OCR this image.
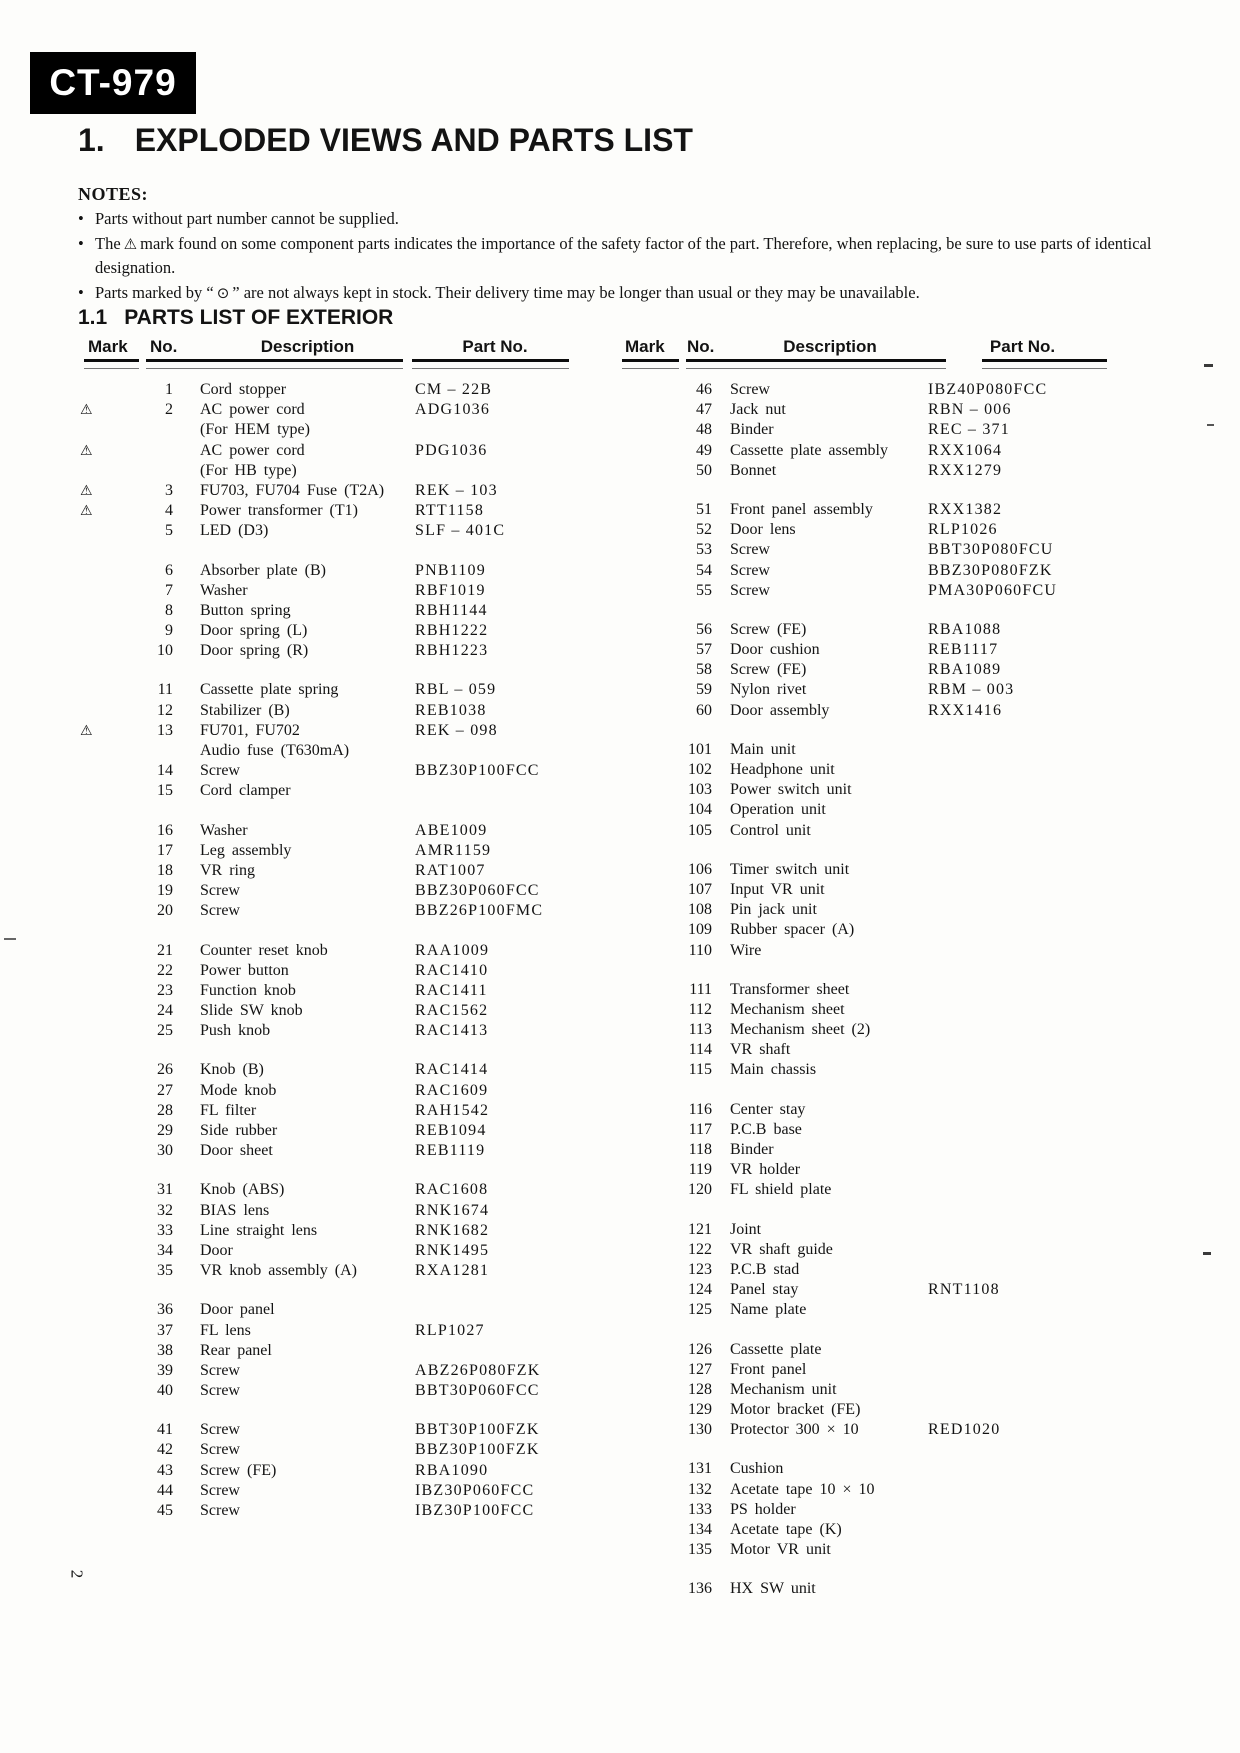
CT-979
1. EXPLODED VIEWS AND PARTS LIST
NOTES:
• Parts without part number cannot be supplied.
• The ⚠ mark found on some component parts indicates the importance of the safety factor of the part. Therefore, when replacing, be sure to use parts of identical designation.
• Parts marked by “ ⊙ ” are not always kept in stock. Their delivery time may be longer than usual or they may be unavailable.
1.1 PARTS LIST OF EXTERIOR
Mark No.	Description	Part No.	Mark No.	Description	Part No.
1 Cord stopper	CM – 22B
⚠	2 AC power cord	ADG1036
(For HEM type)
⚠	AC power cord	PDG1036
(For HB type)
⚠	3 FU703, FU704 Fuse (T2A)	REK – 103
⚠	4 Power transformer (T1)	RTT1158
5 LED (D3)	SLF – 401C
6 Absorber plate (B)	PNB1109
7 Washer	RBF1019
8 Button spring	RBH1144
9 Door spring (L)	RBH1222
10 Door spring (R)	RBH1223
11 Cassette plate spring	RBL – 059
12 Stabilizer (B)	REB1038
⚠	13 FU701, FU702	REK – 098
Audio fuse (T630mA)
14 Screw	BBZ30P100FCC
15 Cord clamper
16 Washer	ABE1009
17 Leg assembly	AMR1159
18 VR ring	RAT1007
19 Screw	BBZ30P060FCC
20 Screw	BBZ26P100FMC
21 Counter reset knob	RAA1009
22 Power button	RAC1410
23 Function knob	RAC1411
24 Slide SW knob	RAC1562
25 Push knob	RAC1413
26 Knob (B)	RAC1414
27 Mode knob	RAC1609
28 FL filter	RAH1542
29 Side rubber	REB1094
30 Door sheet	REB1119
31 Knob (ABS)	RAC1608
32 BIAS lens	RNK1674
33 Line straight lens	RNK1682
34 Door	RNK1495
35 VR knob assembly (A)	RXA1281
36 Door panel
37 FL lens	RLP1027
38 Rear panel
39 Screw	ABZ26P080FZK
40 Screw	BBT30P060FCC
41 Screw	BBT30P100FZK
42 Screw	BBZ30P100FZK
43 Screw (FE)	RBA1090
44 Screw	IBZ30P060FCC
45 Screw	IBZ30P100FCC
46 Screw	IBZ40P080FCC
47 Jack nut	RBN – 006
48 Binder	REC – 371
49 Cassette plate assembly	RXX1064
50 Bonnet	RXX1279
51 Front panel assembly	RXX1382
52 Door lens	RLP1026
53 Screw	BBT30P080FCU
54 Screw	BBZ30P080FZK
55 Screw	PMA30P060FCU
56 Screw (FE)	RBA1088
57 Door cushion	REB1117
58 Screw (FE)	RBA1089
59 Nylon rivet	RBM – 003
60 Door assembly	RXX1416
101 Main unit
102 Headphone unit
103 Power switch unit
104 Operation unit
105 Control unit
106 Timer switch unit
107 Input VR unit
108 Pin jack unit
109 Rubber spacer (A)
110 Wire
111 Transformer sheet
112 Mechanism sheet
113 Mechanism sheet (2)
114 VR shaft
115 Main chassis
116 Center stay
117 P.C.B base
118 Binder
119 VR holder
120 FL shield plate
121 Joint
122 VR shaft guide
123 P.C.B stad
124 Panel stay	RNT1108
125 Name plate
126 Cassette plate
127 Front panel
128 Mechanism unit
129 Motor bracket (FE)
130 Protector 300 × 10	RED1020
131 Cushion
132 Acetate tape 10 × 10
133 PS holder
134 Acetate tape (K)
135 Motor VR unit
136 HX SW unit
2
